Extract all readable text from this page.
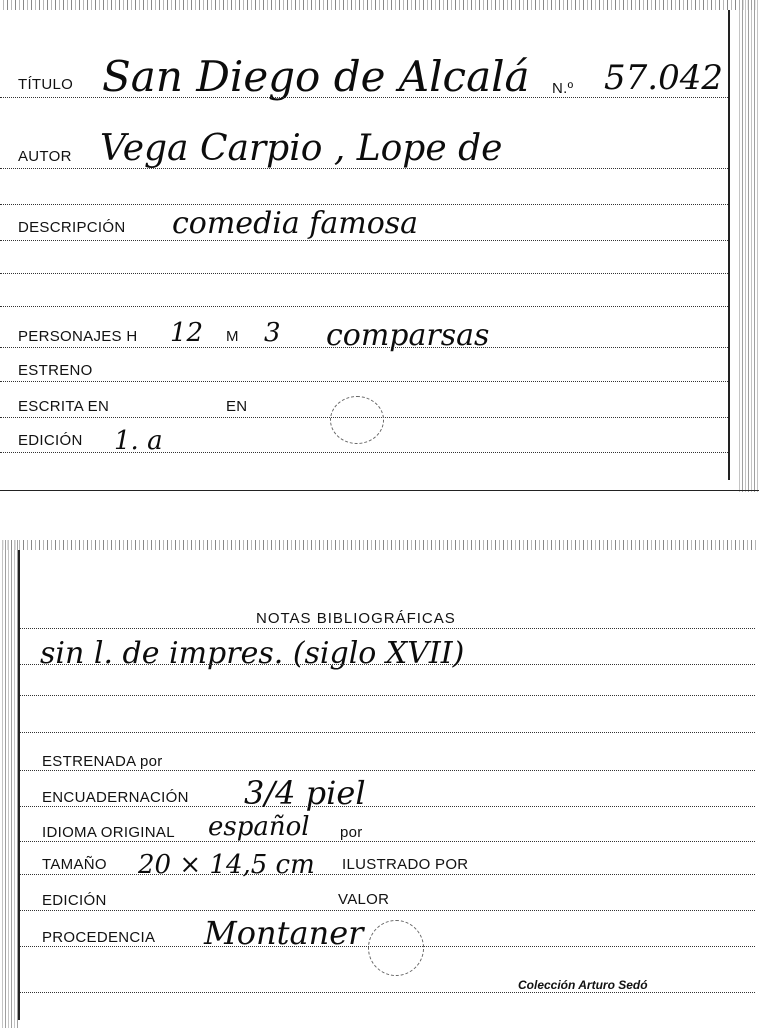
TÍTULO San Diego de Alcalá N.º 57.042
AUTOR Vega Carpio , Lope de
DESCRIPCIÓN comedia famosa
PERSONAJES H 12 M 3 comparsas
ESTRENO
ESCRITA EN	EN
EDICIÓN 1. a
NOTAS BIBLIOGRÁFICAS
sin l. de impres. (siglo XVII)
ESTRENADA por
ENCUADERNACIÓN 3/4 piel
IDIOMA ORIGINAL español por
TAMAÑO 20 × 14,5 cm ILUSTRADO POR
EDICIÓN	VALOR
PROCEDENCIA Montaner
Colección Arturo Sedó
